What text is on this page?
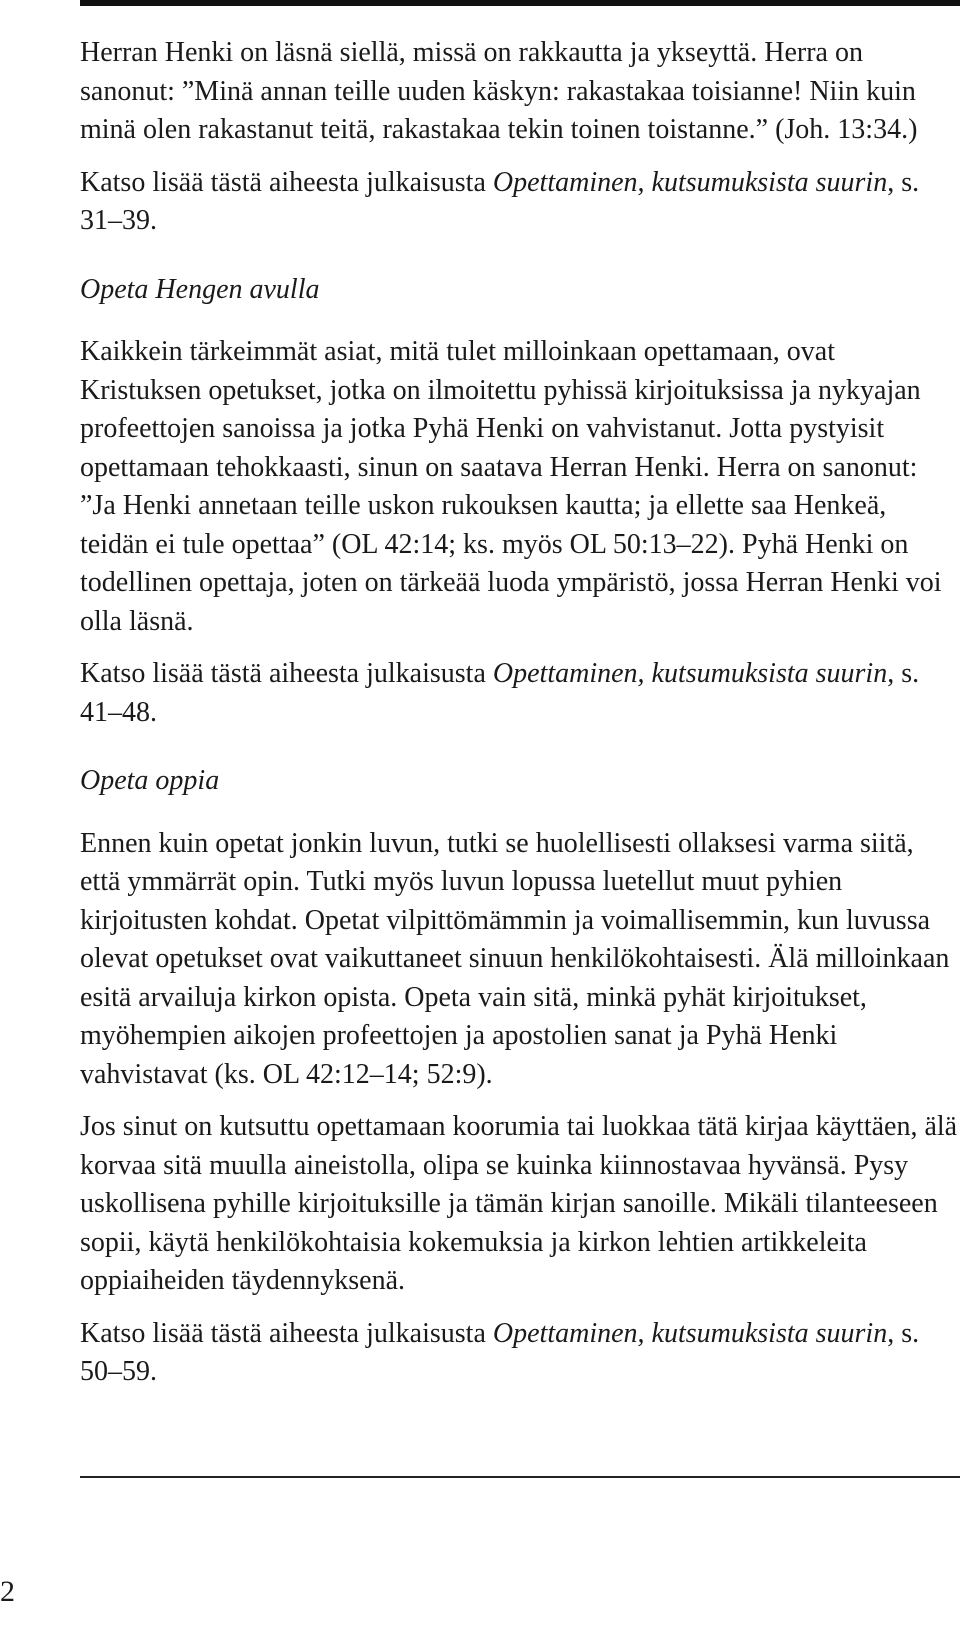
Herran Henki on läsnä siellä, missä on rakkautta ja ykseyttä. Herra on sanonut: ”Minä annan teille uuden käskyn: rakastakaa toisianne! Niin kuin minä olen rakastanut teitä, rakastakaa tekin toinen toistanne.” (Joh. 13:34.)

Katso lisää tästä aiheesta julkaisusta Opettaminen, kutsumuksista suurin, s. 31–39.

Opeta Hengen avulla

Kaikkein tärkeimmät asiat, mitä tulet milloinkaan opettamaan, ovat Kristuksen opetukset, jotka on ilmoitettu pyhissä kirjoituksissa ja nykyajan profeettojen sanoissa ja jotka Pyhä Henki on vahvistanut. Jotta pystyisit opettamaan tehokkaasti, sinun on saatava Herran Henki. Herra on sanonut: ”Ja Henki annetaan teille uskon rukouksen kautta; ja ellette saa Henkeä, teidän ei tule opettaa” (OL 42:14; ks. myös OL 50:13–22). Pyhä Henki on todellinen opettaja, joten on tärkeää luoda ympäristö, jossa Herran Henki voi olla läsnä.

Katso lisää tästä aiheesta julkaisusta Opettaminen, kutsumuksista suurin, s. 41–48.

Opeta oppia

Ennen kuin opetat jonkin luvun, tutki se huolellisesti ollaksesi varma siitä, että ymmärrät opin. Tutki myös luvun lopussa luetellut muut pyhien kirjoitusten kohdat. Opetat vilpittömämmin ja voimallisemmin, kun luvussa olevat opetukset ovat vaikuttaneet sinuun henkilökohtaisesti. Älä milloinkaan esitä arvailuja kirkon opista. Opeta vain sitä, minkä pyhät kirjoitukset, myöhempien aikojen profeettojen ja apostolien sanat ja Pyhä Henki vahvistavat (ks. OL 42:12–14; 52:9).

Jos sinut on kutsuttu opettamaan koorumia tai luokkaa tätä kirjaa käyttäen, älä korvaa sitä muulla aineistolla, olipa se kuinka kiinnostavaa hyvänsä. Pysy uskollisena pyhille kirjoituksille ja tämän kirjan sanoille. Mikäli tilanteeseen sopii, käytä henkilökohtaisia kokemuksia ja kirkon lehtien artikkeleita oppiaiheiden täydennyksenä.

Katso lisää tästä aiheesta julkaisusta Opettaminen, kutsumuksista suurin, s. 50–59.

2
